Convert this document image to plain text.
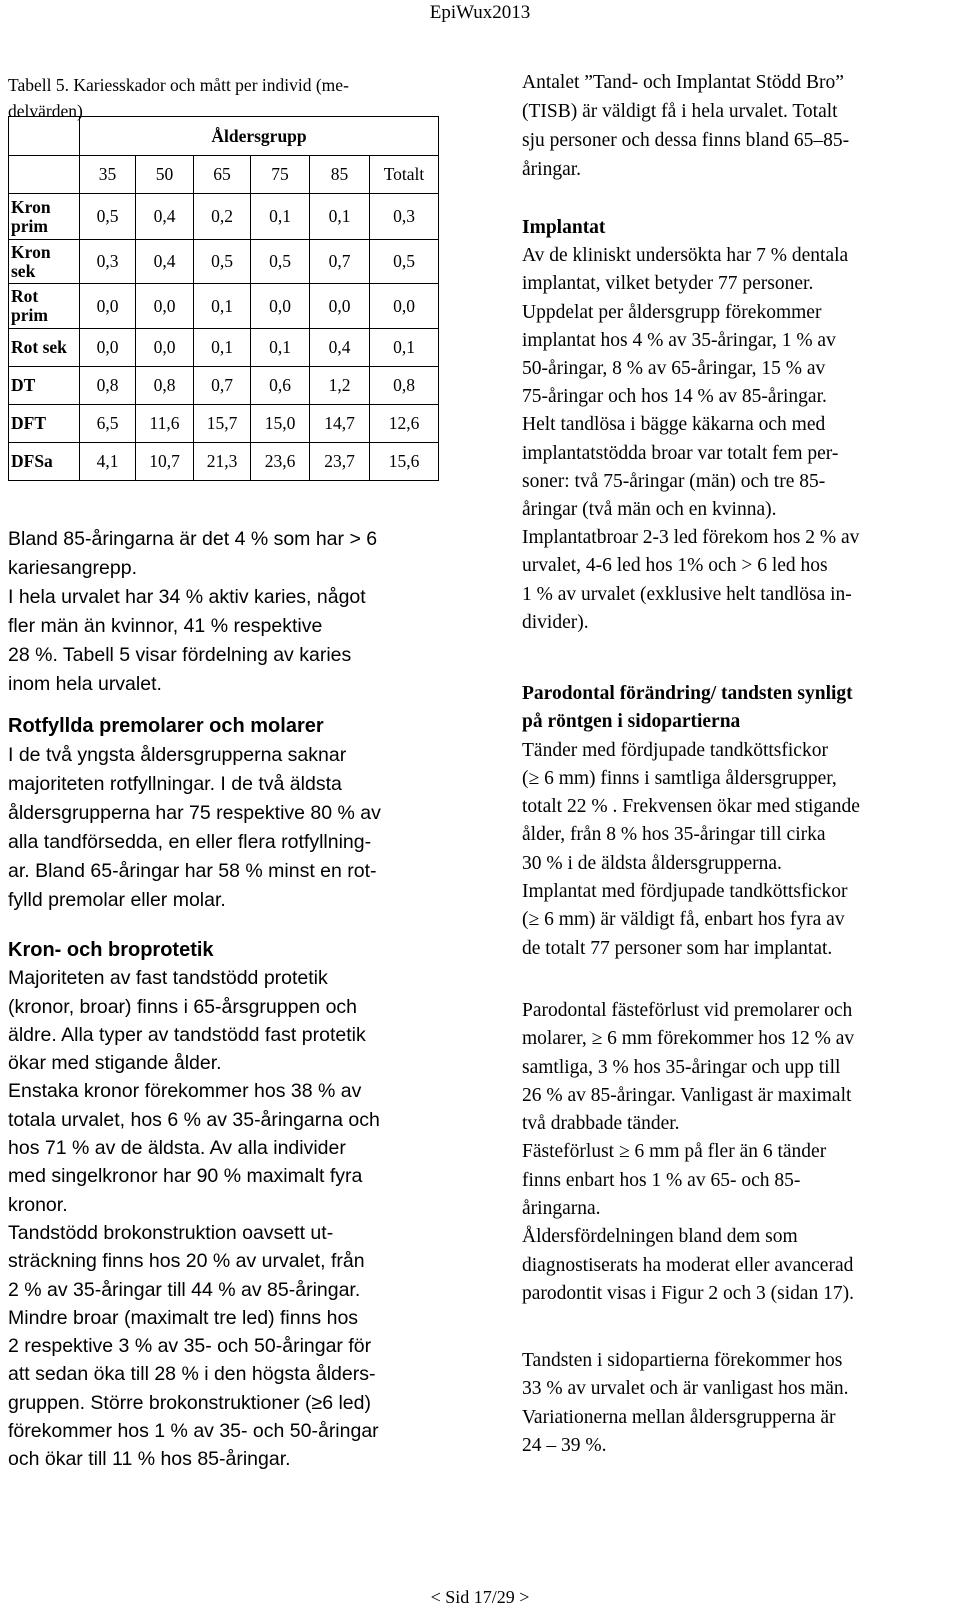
EpiWux2013
Tabell 5. Kariesskador och mått per individ (me-
delvärden)
	Åldersgrupp					
	35	50	65	75	85	Totalt

Kron
prim	0,5	0,4	0,2	0,1	0,1	0,3

Kron
sek	0,3	0,4	0,5	0,5	0,7	0,5

Rot
prim	0,0	0,0	0,1	0,0	0,0	0,0
Rot sek	0,0	0,0	0,1	0,1	0,4	0,1
DT	0,8	0,8	0,7	0,6	1,2	0,8
DFT	6,5	11,6	15,7	15,0	14,7	12,6
DFSa	4,1	10,7	21,3	23,6	23,7	15,6

Bland 85-åringarna är det 4 % som har > 6

kariesangrepp.

I hela urvalet har 34 % aktiv karies, något

fler män än kvinnor, 41 % respektive

28 %. Tabell 5 visar fördelning av karies

inom hela urvalet.

Rotfyllda premolarer och molarer

I de två yngsta åldersgrupperna saknar

majoriteten rotfyllningar. I de två äldsta

åldersgrupperna har 75 respektive 80 % av

alla tandförsedda, en eller flera rotfyllning-

ar. Bland 65-åringar har 58 % minst en rot-

fylld premolar eller molar.

Kron- och broprotetik

Majoriteten av fast tandstödd protetik

(kronor, broar) finns i 65-årsgruppen och

äldre. Alla typer av tandstödd fast protetik

ökar med stigande ålder.

Enstaka kronor förekommer hos 38 % av

totala urvalet, hos 6 % av 35-åringarna och

hos 71 % av de äldsta. Av alla individer

med singelkronor har 90 % maximalt fyra

kronor.

Tandstödd brokonstruktion oavsett ut-

sträckning finns hos 20 % av urvalet, från

2 % av 35-åringar till 44 % av 85-åringar.

Mindre broar (maximalt tre led) finns hos

2 respektive 3 % av 35- och 50-åringar för

att sedan öka till 28 % i den högsta ålders-

gruppen. Större brokonstruktioner (≥6 led)

förekommer hos 1 % av 35- och 50-åringar

och ökar till 11 % hos 85-åringar.

Antalet ”Tand- och Implantat Stödd Bro”

(TISB) är väldigt få i hela urvalet. Totalt

sju personer och dessa finns bland 65–85-

åringar.

Implantat

Av de kliniskt undersökta har 7 % dentala

implantat, vilket betyder 77 personer.

Uppdelat per åldersgrupp förekommer

implantat hos 4 % av 35-åringar, 1 % av

50-åringar, 8 % av 65-åringar, 15 % av

75-åringar och hos 14 % av 85-åringar.

Helt tandlösa i bägge käkarna och med

implantatstödda broar var totalt fem per-

soner: två 75-åringar (män) och tre 85-

åringar (två män och en kvinna).

Implantatbroar 2-3 led förekom hos 2 % av

urvalet, 4-6 led hos 1% och > 6 led hos

1 % av urvalet (exklusive helt tandlösa in-

divider).

Parodontal förändring/ tandsten synligt

på röntgen i sidopartierna

Tänder med fördjupade tandköttsfickor

(≥ 6 mm) finns i samtliga åldersgrupper,

totalt 22 % . Frekvensen ökar med stigande

ålder, från 8 % hos 35-åringar till cirka

30 % i de äldsta åldersgrupperna.

Implantat med fördjupade tandköttsfickor

(≥ 6 mm) är väldigt få, enbart hos fyra av

de totalt 77 personer som har implantat.

Parodontal fästeförlust vid premolarer och

molarer, ≥ 6 mm förekommer hos 12 % av

samtliga, 3 % hos 35-åringar och upp till

26 % av 85-åringar. Vanligast är maximalt

två drabbade tänder.

Fästeförlust ≥ 6 mm på fler än 6 tänder

finns enbart hos 1 % av 65- och 85-

åringarna.

Åldersfördelningen bland dem som

diagnostiserats ha moderat eller avancerad

parodontit visas i Figur 2 och 3 (sidan 17).

Tandsten i sidopartierna förekommer hos

33 % av urvalet och är vanligast hos män.

Variationerna mellan åldersgrupperna är

24 – 39 %.

< Sid 17/29 >
